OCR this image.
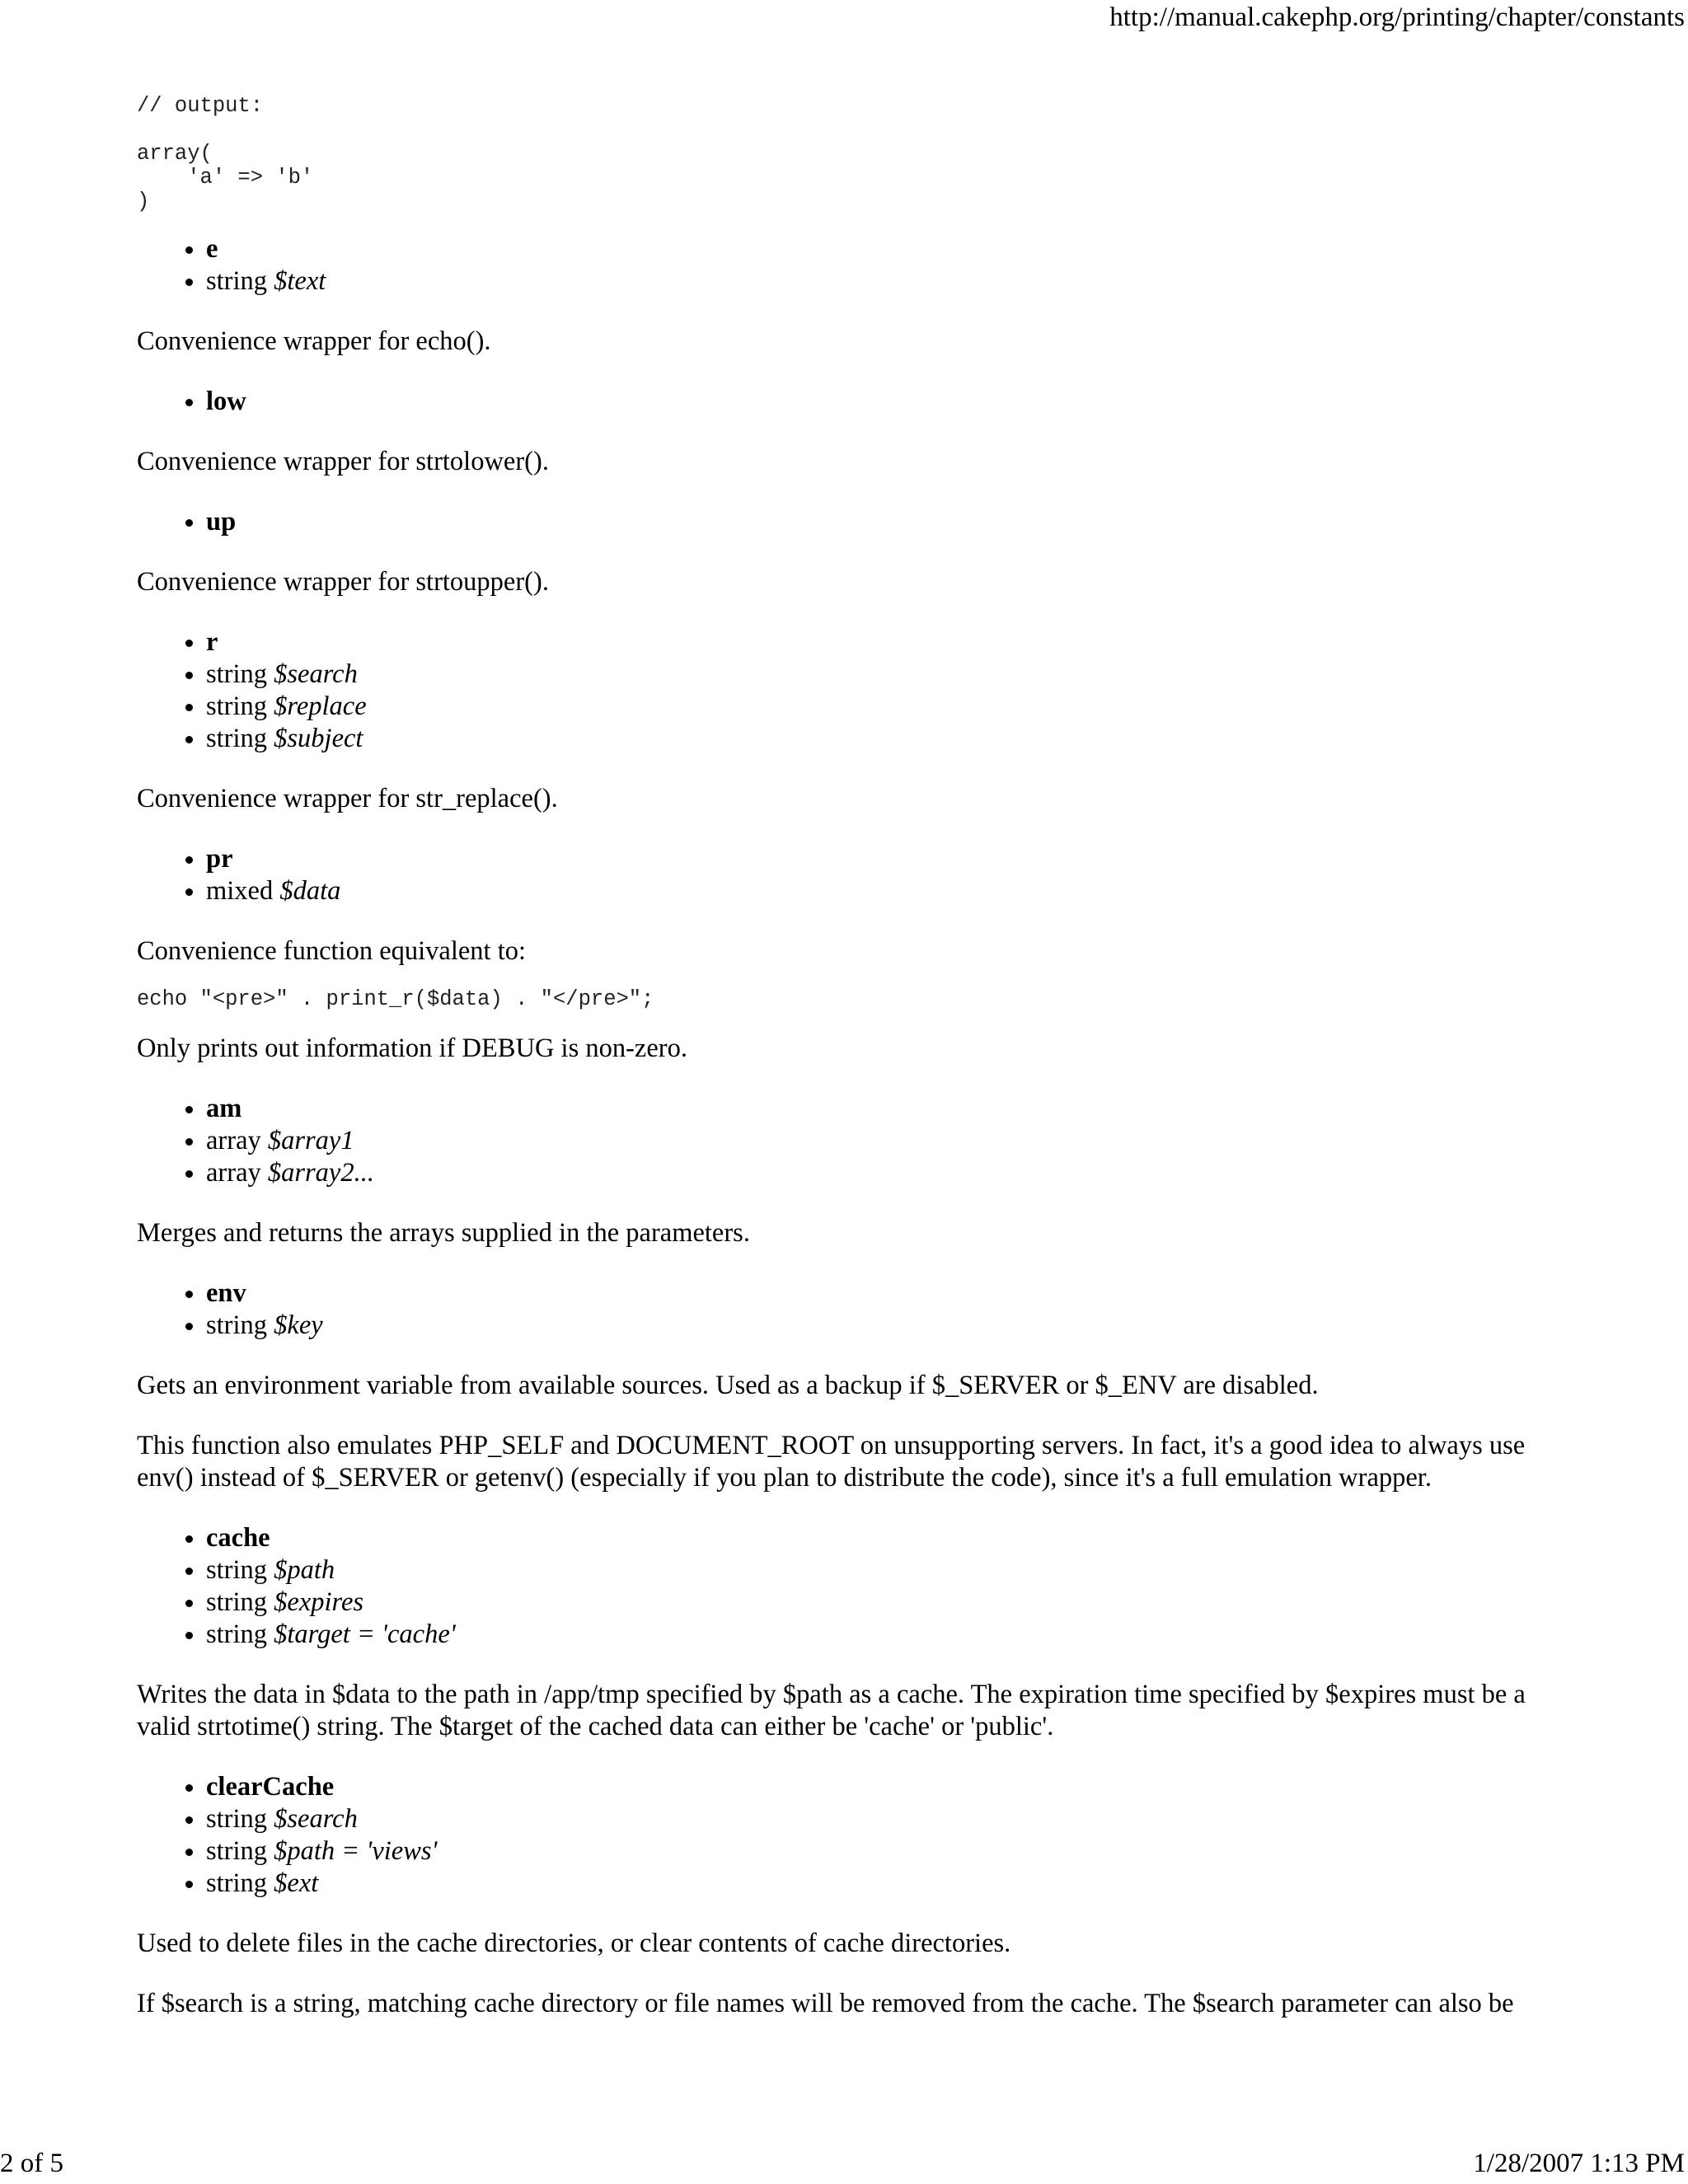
http://manual.cakephp.org/printing/chapter/constants
// output:

array(
'a' => 'b'
)
• e
• string $text

Convenience wrapper for echo().

• low

Convenience wrapper for strtolower().

• up

Convenience wrapper for strtoupper().

• r
• string $search
• string $replace
• string $subject

Convenience wrapper for str_replace().

• pr
• mixed $data

Convenience function equivalent to:

echo "<pre>" . print_r($data) . "</pre>";

Only prints out information if DEBUG is non-zero.

• am
• array $array1
• array $array2...

Merges and returns the arrays supplied in the parameters.

• env
• string $key

Gets an environment variable from available sources. Used as a backup if $_SERVER or $_ENV are disabled.

This function also emulates PHP_SELF and DOCUMENT_ROOT on unsupporting servers. In fact, it's a good idea to always use env() instead of $_SERVER or getenv() (especially if you plan to distribute the code), since it's a full emulation wrapper.

• cache
• string $path
• string $expires
• string $target = 'cache'

Writes the data in $data to the path in /app/tmp specified by $path as a cache. The expiration time specified by $expires must be a valid strtotime() string. The $target of the cached data can either be 'cache' or 'public'.

• clearCache
• string $search
• string $path = 'views'
• string $ext

Used to delete files in the cache directories, or clear contents of cache directories.

If $search is a string, matching cache directory or file names will be removed from the cache. The $search parameter can also be

2 of 5	1/28/2007 1:13 PM
